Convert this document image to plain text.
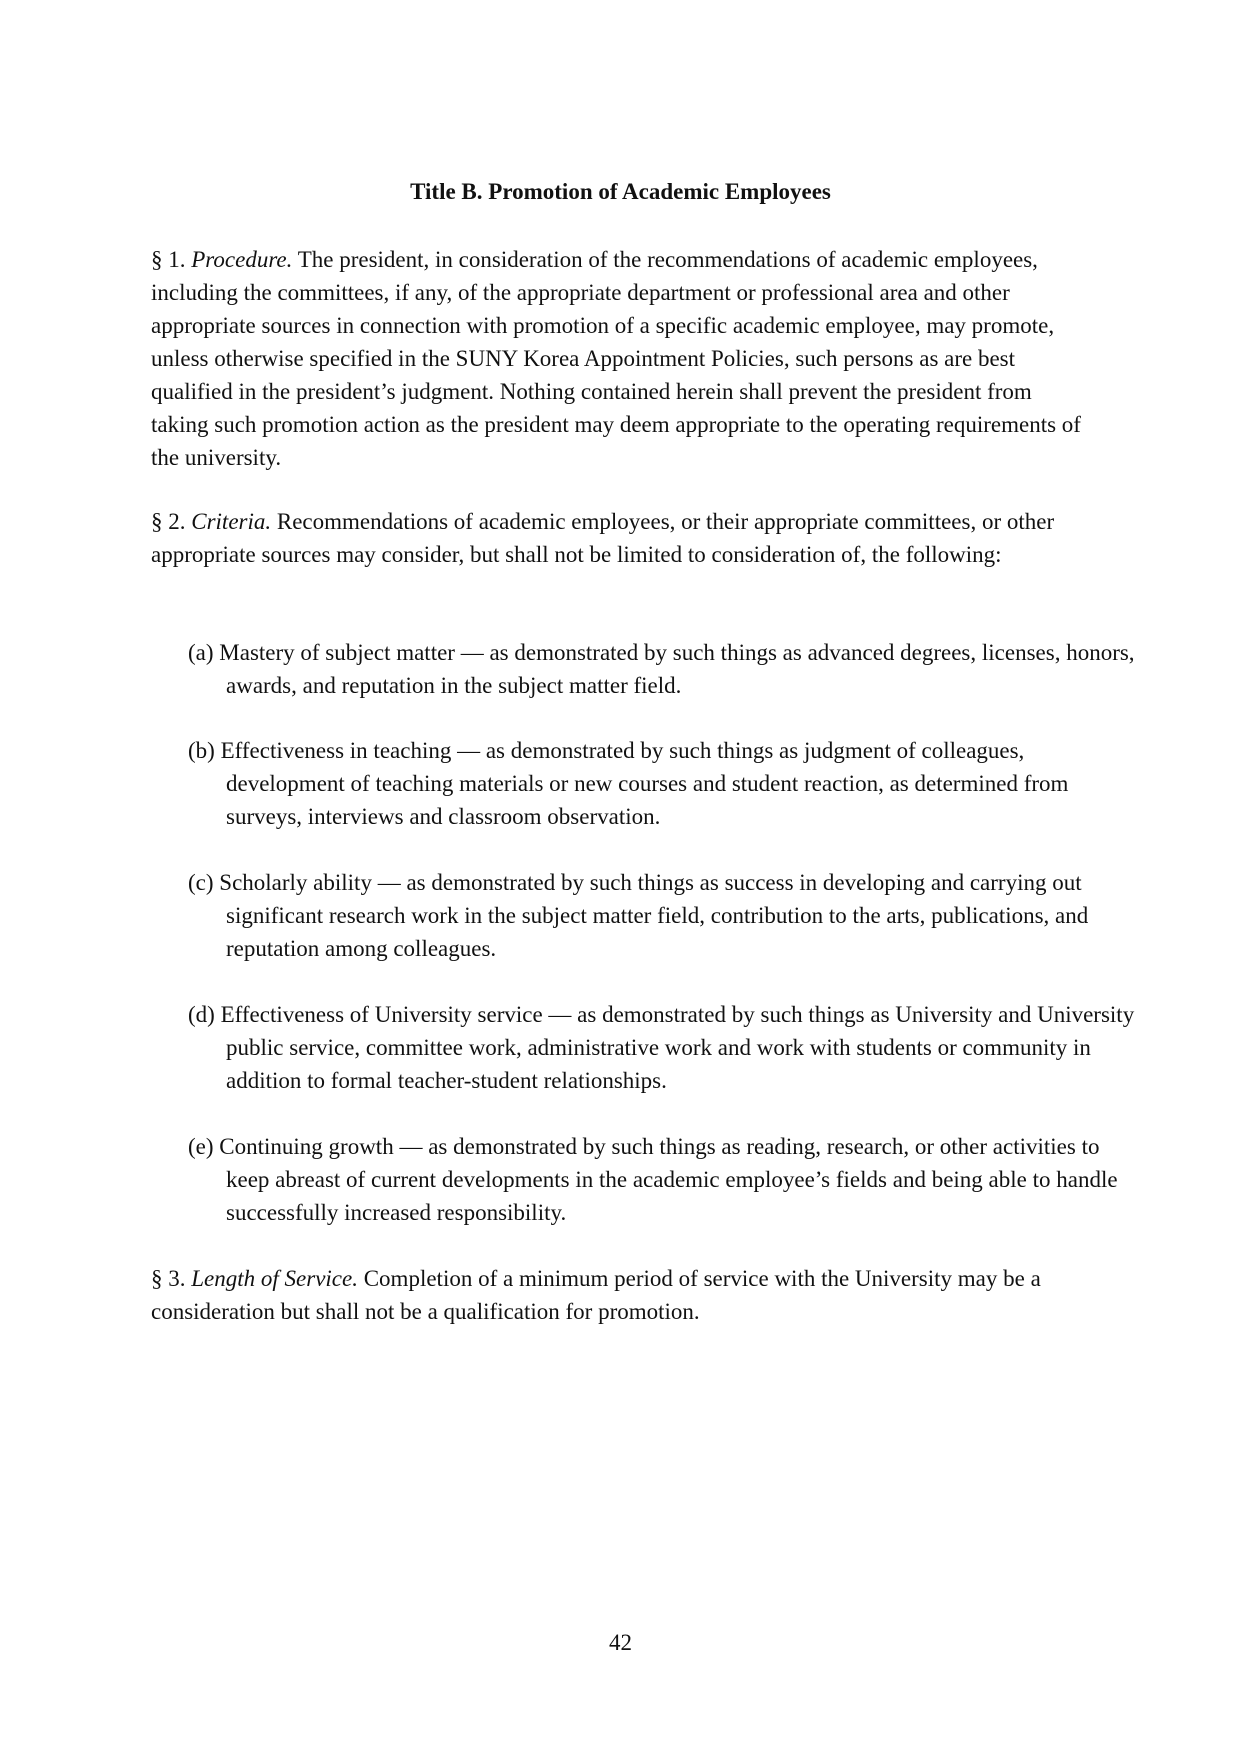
Title B. Promotion of Academic Employees

§ 1. Procedure. The president, in consideration of the recommendations of academic employees, including the committees, if any, of the appropriate department or professional area and other appropriate sources in connection with promotion of a specific academic employee, may promote, unless otherwise specified in the SUNY Korea Appointment Policies, such persons as are best qualified in the president’s judgment. Nothing contained herein shall prevent the president from taking such promotion action as the president may deem appropriate to the operating requirements of the university.

§ 2. Criteria. Recommendations of academic employees, or their appropriate committees, or other appropriate sources may consider, but shall not be limited to consideration of, the following:

(a) Mastery of subject matter — as demonstrated by such things as advanced degrees, licenses, honors, awards, and reputation in the subject matter field.

(b) Effectiveness in teaching — as demonstrated by such things as judgment of colleagues, development of teaching materials or new courses and student reaction, as determined from surveys, interviews and classroom observation.

(c) Scholarly ability — as demonstrated by such things as success in developing and carrying out significant research work in the subject matter field, contribution to the arts, publications, and reputation among colleagues.

(d) Effectiveness of University service — as demonstrated by such things as University and University public service, committee work, administrative work and work with students or community in addition to formal teacher-student relationships.

(e) Continuing growth — as demonstrated by such things as reading, research, or other activities to keep abreast of current developments in the academic employee’s fields and being able to handle successfully increased responsibility.

§ 3. Length of Service. Completion of a minimum period of service with the University may be a consideration but shall not be a qualification for promotion.

42
